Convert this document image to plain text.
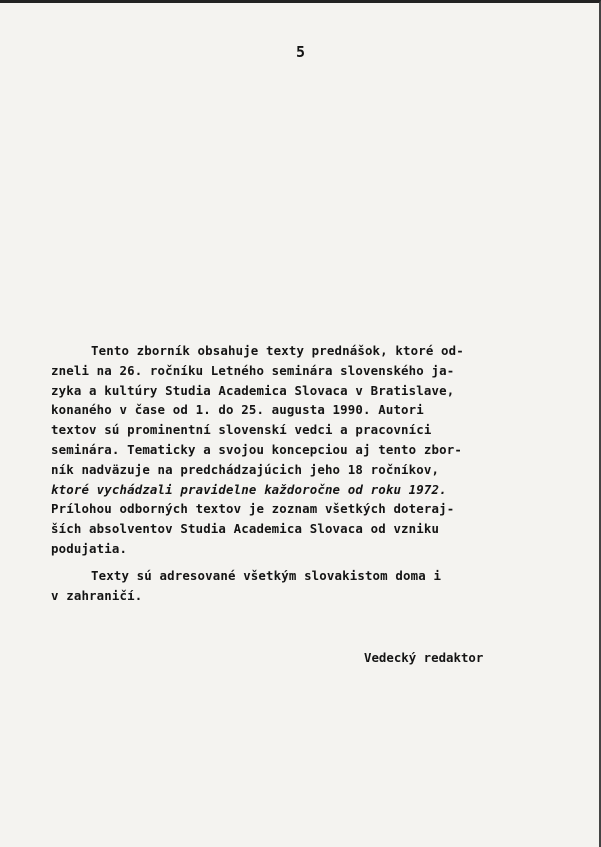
5
Tento zborník obsahuje texty prednášok, ktoré od-
zneli na 26. ročníku Letného seminára slovenského ja-
zyka a kultúry Studia Academica Slovaca v Bratislave,
konaného v čase od 1. do 25. augusta 1990. Autori
textov sú prominentní slovenskí vedci a pracovníci
seminára. Tematicky a svojou koncepciou aj tento zbor-
ník nadväzuje na predchádzajúcich jeho 18 ročníkov,
ktoré vychádzali pravidelne každoročne od roku 1972.
Prílohou odborných textov je zoznam všetkých doteraj-
ších absolventov Studia Academica Slovaca od vzniku
podujatia.
Texty sú adresované všetkým slovakistom doma i
v zahraničí.
Vedecký redaktor
